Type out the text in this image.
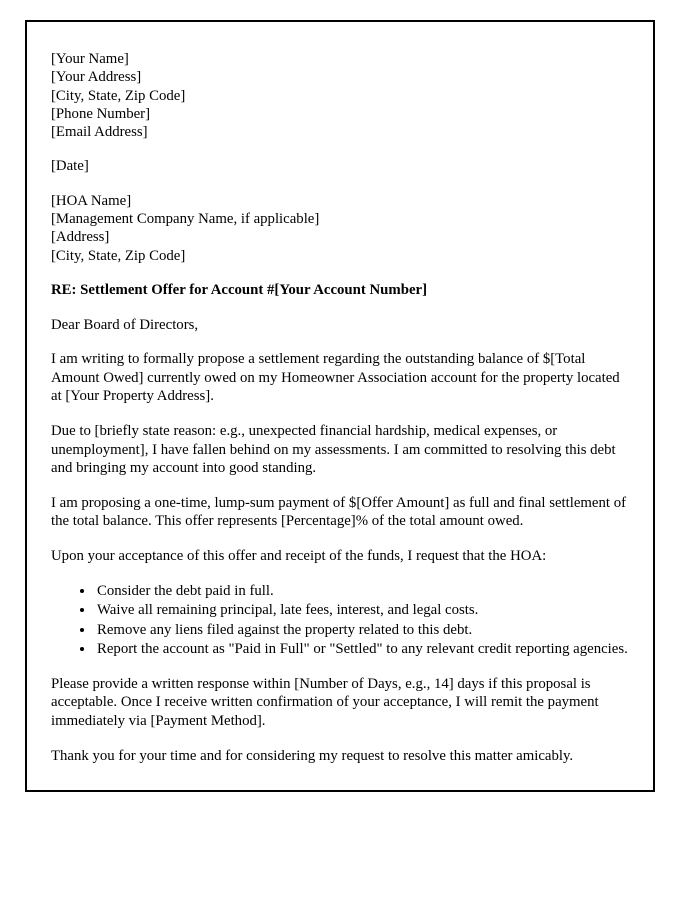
[Your Name]
[Your Address]
[City, State, Zip Code]
[Phone Number]
[Email Address]
[Date]
[HOA Name]
[Management Company Name, if applicable]
[Address]
[City, State, Zip Code]
RE: Settlement Offer for Account #[Your Account Number]

Dear Board of Directors,

I am writing to formally propose a settlement regarding the outstanding balance of $[Total Amount Owed] currently owed on my Homeowner Association account for the property located at [Your Property Address].

Due to [briefly state reason: e.g., unexpected financial hardship, medical expenses, or unemployment], I have fallen behind on my assessments. I am committed to resolving this debt and bringing my account into good standing.

I am proposing a one-time, lump-sum payment of $[Offer Amount] as full and final settlement of the total balance. This offer represents [Percentage]% of the total amount owed.

Upon your acceptance of this offer and receipt of the funds, I request that the HOA:

• Consider the debt paid in full.
• Waive all remaining principal, late fees, interest, and legal costs.
• Remove any liens filed against the property related to this debt.
• Report the account as "Paid in Full" or "Settled" to any relevant credit reporting agencies.

Please provide a written response within [Number of Days, e.g., 14] days if this proposal is acceptable. Once I receive written confirmation of your acceptance, I will remit the payment immediately via [Payment Method].

Thank you for your time and for considering my request to resolve this matter amicably.
